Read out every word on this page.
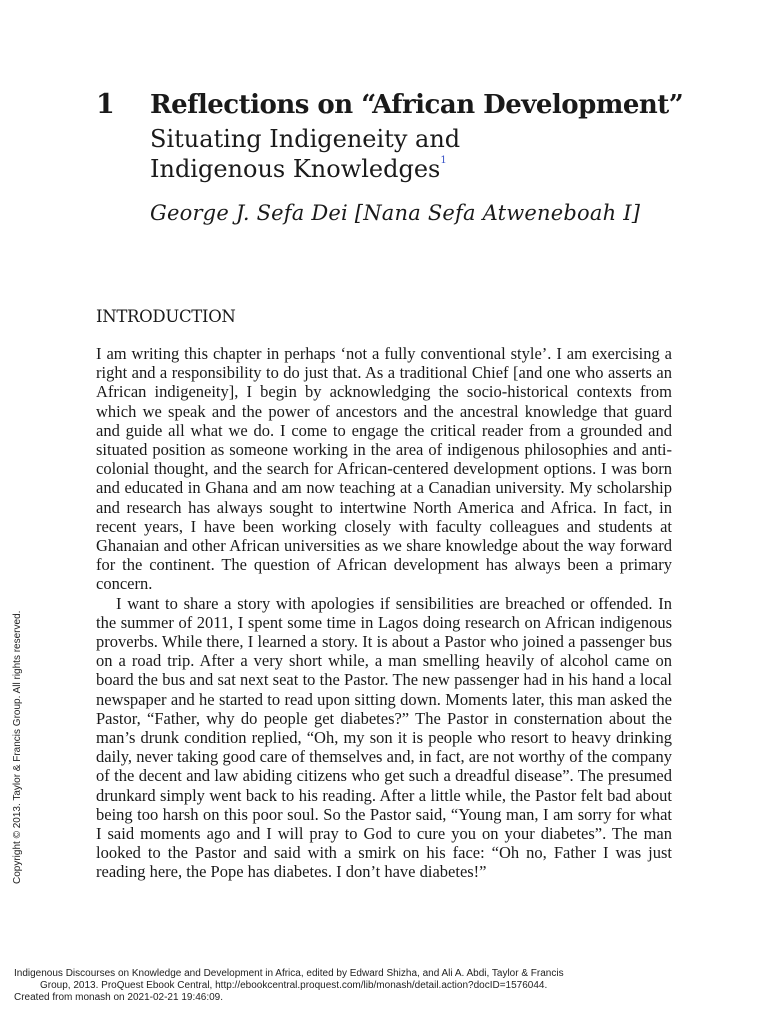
1 Reflections on “African Development”
Situating Indigeneity and
Indigenous Knowledges$^1$
George J. Sefa Dei [Nana Sefa Atweneboah I]
INTRODUCTION

I am writing this chapter in perhaps ‘not a fully conventional style’. I am exercising a right and a responsibility to do just that. As a traditional Chief [and one who asserts an African indigeneity], I begin by acknowledging the socio-historical contexts from which we speak and the power of ancestors and the ancestral knowledge that guard and guide all what we do. I come to engage the critical reader from a grounded and situated position as someone working in the area of indigenous philosophies and anti-colonial thought, and the search for African-centered development options. I was born and educated in Ghana and am now teaching at a Canadian university. My scholarship and research has always sought to intertwine North America and Africa. In fact, in recent years, I have been working closely with faculty colleagues and students at Ghanaian and other African universities as we share knowledge about the way forward for the continent. The question of African development has always been a primary concern.

I want to share a story with apologies if sensibilities are breached or offended. In the summer of 2011, I spent some time in Lagos doing research on African indigenous proverbs. While there, I learned a story. It is about a Pastor who joined a passenger bus on a road trip. After a very short while, a man smelling heavily of alcohol came on board the bus and sat next seat to the Pastor. The new passenger had in his hand a local newspaper and he started to read upon sitting down. Moments later, this man asked the Pastor, “Father, why do people get diabetes?” The Pastor in consternation about the man’s drunk condition replied, “Oh, my son it is people who resort to heavy drinking daily, never taking good care of themselves and, in fact, are not worthy of the company of the decent and law abiding citizens who get such a dreadful disease”. The presumed drunkard simply went back to his reading. After a little while, the Pastor felt bad about being too harsh on this poor soul. So the Pastor said, “Young man, I am sorry for what I said moments ago and I will pray to God to cure you on your diabetes”. The man looked to the Pastor and said with a smirk on his face: “Oh no, Father I was just reading here, the Pope has diabetes. I don’t have diabetes!”

Copyright © 2013. Taylor & Francis Group. All rights reserved.
Indigenous Discourses on Knowledge and Development in Africa, edited by Edward Shizha, and Ali A. Abdi, Taylor & Francis
Group, 2013. ProQuest Ebook Central, http://ebookcentral.proquest.com/lib/monash/detail.action?docID=1576044.
Created from monash on 2021-02-21 19:46:09.
